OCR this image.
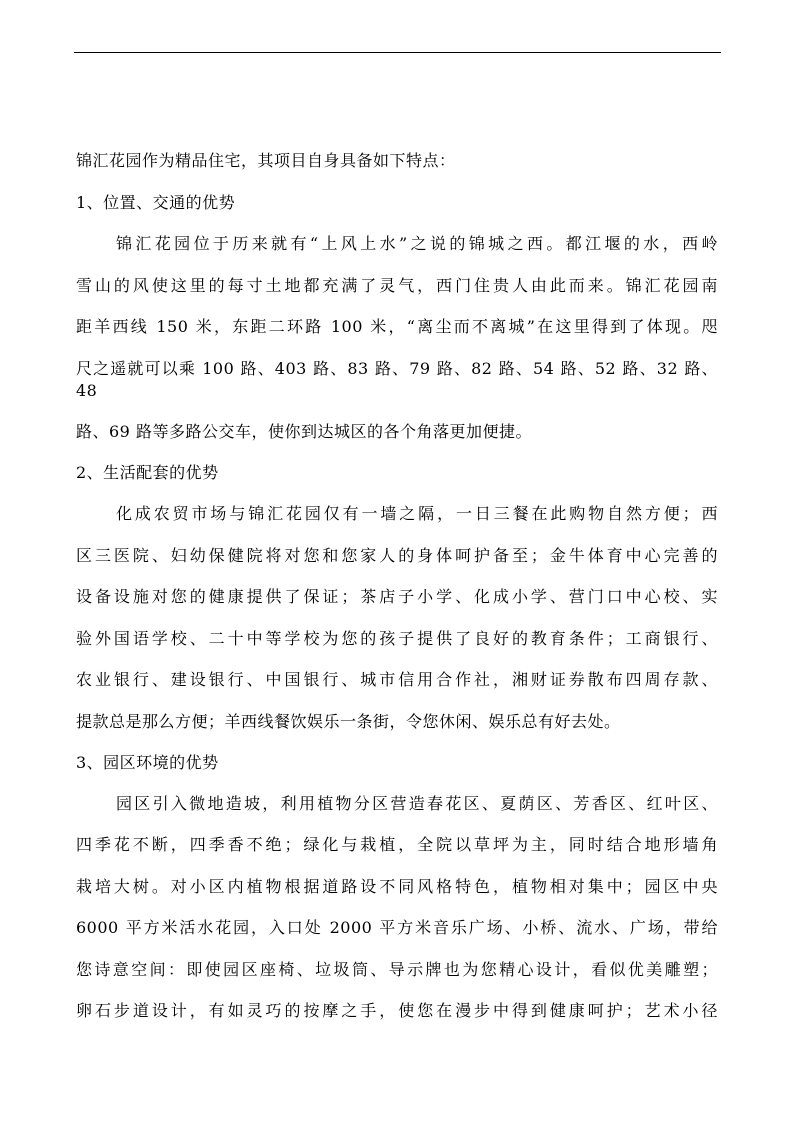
锦汇花园作为精品住宅，其项目自身具备如下特点：
1、位置、交通的优势
锦汇花园位于历来就有“上风上水”之说的锦城之西。都江堰的水，西岭
雪山的风使这里的每寸土地都充满了灵气，西门住贵人由此而来。锦汇花园南
距羊西线 150 米，东距二环路 100 米，“离尘而不离城”在这里得到了体现。咫
尺之遥就可以乘 100 路、403 路、83 路、79 路、82 路、54 路、52 路、32 路、48
路、69 路等多路公交车，使你到达城区的各个角落更加便捷。
2、生活配套的优势
化成农贸市场与锦汇花园仅有一墙之隔，一日三餐在此购物自然方便；西
区三医院、妇幼保健院将对您和您家人的身体呵护备至；金牛体育中心完善的
设备设施对您的健康提供了保证；茶店子小学、化成小学、营门口中心校、实
验外国语学校、二十中等学校为您的孩子提供了良好的教育条件；工商银行、
农业银行、建设银行、中国银行、城市信用合作社，湘财证券散布四周存款、
提款总是那么方便；羊西线餐饮娱乐一条街，令您休闲、娱乐总有好去处。
3、园区环境的优势
园区引入微地造坡，利用植物分区营造春花区、夏荫区、芳香区、红叶区、
四季花不断，四季香不绝；绿化与栽植，全院以草坪为主，同时结合地形墙角
栽培大树。对小区内植物根据道路设不同风格特色，植物相对集中；园区中央
6000 平方米活水花园，入口处 2000 平方米音乐广场、小桥、流水、广场，带给
您诗意空间：即使园区座椅、垃圾筒、导示牌也为您精心设计，看似优美雕塑；
卵石步道设计，有如灵巧的按摩之手，使您在漫步中得到健康呵护；艺术小径
